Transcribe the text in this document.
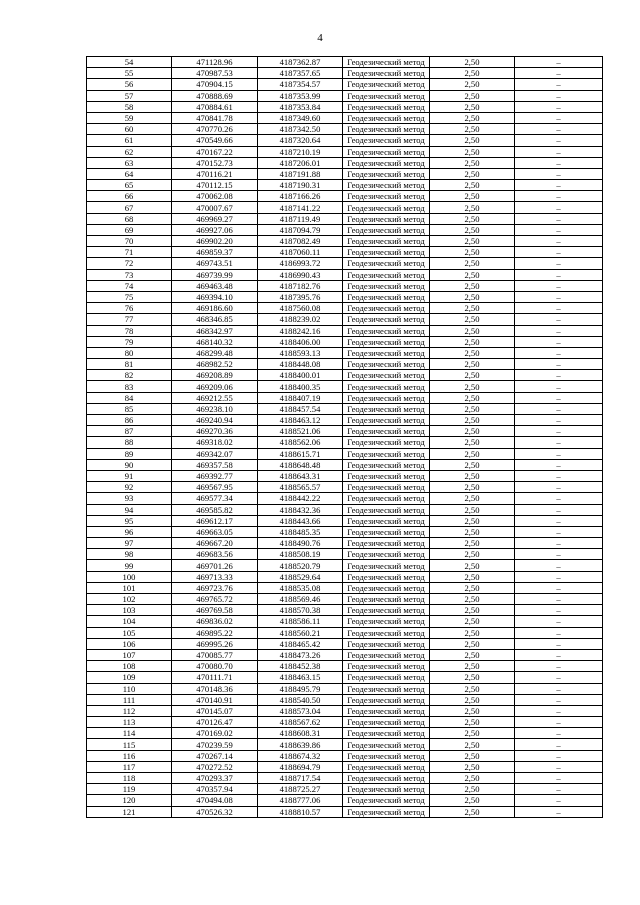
4
54	471128.96	4187362.87	Геодезический метод	2,50	–
55	470987.53	4187357.65	Геодезический метод	2,50	–
56	470904.15	4187354.57	Геодезический метод	2,50	–
57	470888.69	4187353.99	Геодезический метод	2,50	–
58	470884.61	4187353.84	Геодезический метод	2,50	–
59	470841.78	4187349.60	Геодезический метод	2,50	–
60	470770.26	4187342.50	Геодезический метод	2,50	–
61	470549.66	4187320.64	Геодезический метод	2,50	–
62	470167.22	4187210.19	Геодезический метод	2,50	–
63	470152.73	4187206.01	Геодезический метод	2,50	–
64	470116.21	4187191.88	Геодезический метод	2,50	–
65	470112.15	4187190.31	Геодезический метод	2,50	–
66	470062.08	4187166.26	Геодезический метод	2,50	–
67	470007.67	4187141.22	Геодезический метод	2,50	–
68	469969.27	4187119.49	Геодезический метод	2,50	–
69	469927.06	4187094.79	Геодезический метод	2,50	–
70	469902.20	4187082.49	Геодезический метод	2,50	–
71	469859.37	4187060.11	Геодезический метод	2,50	–
72	469743.51	4186993.72	Геодезический метод	2,50	–
73	469739.99	4186990.43	Геодезический метод	2,50	–
74	469463.48	4187182.76	Геодезический метод	2,50	–
75	469394.10	4187395.76	Геодезический метод	2,50	–
76	469186.60	4187560.08	Геодезический метод	2,50	–
77	468346.85	4188239.02	Геодезический метод	2,50	–
78	468342.97	4188242.16	Геодезический метод	2,50	–
79	468140.32	4188406.00	Геодезический метод	2,50	–
80	468299.48	4188593.13	Геодезический метод	2,50	–
81	468982.52	4188448.08	Геодезический метод	2,50	–
82	469208.89	4188400.01	Геодезический метод	2,50	–
83	469209.06	4188400.35	Геодезический метод	2,50	–
84	469212.55	4188407.19	Геодезический метод	2,50	–
85	469238.10	4188457.54	Геодезический метод	2,50	–
86	469240.94	4188463.12	Геодезический метод	2,50	–
87	469270.36	4188521.06	Геодезический метод	2,50	–
88	469318.02	4188562.06	Геодезический метод	2,50	–
89	469342.07	4188615.71	Геодезический метод	2,50	–
90	469357.58	4188648.48	Геодезический метод	2,50	–
91	469392.77	4188643.31	Геодезический метод	2,50	–
92	469567.95	4188565.57	Геодезический метод	2,50	–
93	469577.34	4188442.22	Геодезический метод	2,50	–
94	469585.82	4188432.36	Геодезический метод	2,50	–
95	469612.17	4188443.66	Геодезический метод	2,50	–
96	469663.05	4188485.35	Геодезический метод	2,50	–
97	469667.20	4188490.76	Геодезический метод	2,50	–
98	469683.56	4188508.19	Геодезический метод	2,50	–
99	469701.26	4188520.79	Геодезический метод	2,50	–
100	469713.33	4188529.64	Геодезический метод	2,50	–
101	469723.76	4188535.08	Геодезический метод	2,50	–
102	469765.72	4188569.46	Геодезический метод	2,50	–
103	469769.58	4188570.38	Геодезический метод	2,50	–
104	469836.02	4188586.11	Геодезический метод	2,50	–
105	469895.22	4188560.21	Геодезический метод	2,50	–
106	469995.26	4188465.42	Геодезический метод	2,50	–
107	470085.77	4188473.26	Геодезический метод	2,50	–
108	470080.70	4188452.38	Геодезический метод	2,50	–
109	470111.71	4188463.15	Геодезический метод	2,50	–
110	470148.36	4188495.79	Геодезический метод	2,50	–
111	470140.91	4188540.50	Геодезический метод	2,50	–
112	470145.07	4188573.04	Геодезический метод	2,50	–
113	470126.47	4188567.62	Геодезический метод	2,50	–
114	470169.02	4188608.31	Геодезический метод	2,50	–
115	470239.59	4188639.86	Геодезический метод	2,50	–
116	470267.14	4188674.32	Геодезический метод	2,50	–
117	470272.52	4188694.79	Геодезический метод	2,50	–
118	470293.37	4188717.54	Геодезический метод	2,50	–
119	470357.94	4188725.27	Геодезический метод	2,50	–
120	470494.08	4188777.06	Геодезический метод	2,50	–
121	470526.32	4188810.57	Геодезический метод	2,50	–
